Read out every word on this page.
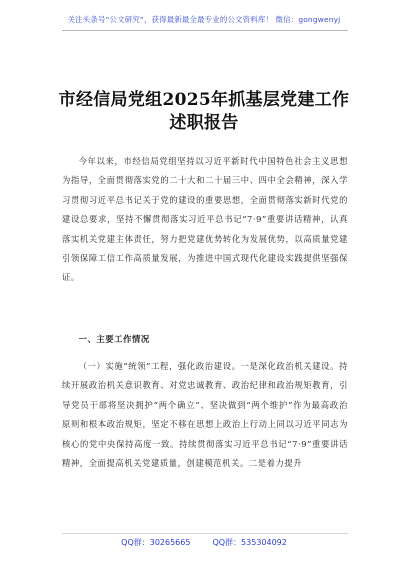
关注头条号“公文研究”，获得最新最全最专业的公文资料库！ 微信：gongwenyj
市经信局党组2025年抓基层党建工作
述职报告

今年以来，市经信局党组坚持以习近平新时代中国特色社会主义思想为指导，全面贯彻落实党的二十大和二十届三中、四中全会精神，深入学习贯彻习近平总书记关于党的建设的重要思想，全面贯彻落实新时代党的建设总要求，坚持不懈贯彻落实习近平总书记“7·9”重要讲话精神，认真落实机关党建主体责任，努力把党建优势转化为发展优势，以高质量党建引领保障工信工作高质量发展，为推进中国式现代化建设实践提供坚强保证。

一、主要工作情况

（一）实施“统领”工程，强化政治建设。一是深化政治机关建设。持续开展政治机关意识教育、对党忠诚教育、政治纪律和政治规矩教育，引导党员干部将坚决拥护“两个确立”、坚决做到“两个维护”作为最高政治原则和根本政治规矩，坚定不移在思想上政治上行动上同以习近平同志为核心的党中央保持高度一致。持续贯彻落实习近平总书记“7·9”重要讲话精神，全面提高机关党建质量，创建模范机关。二是着力提升

QQ群：30265665	QQ群：535304092
